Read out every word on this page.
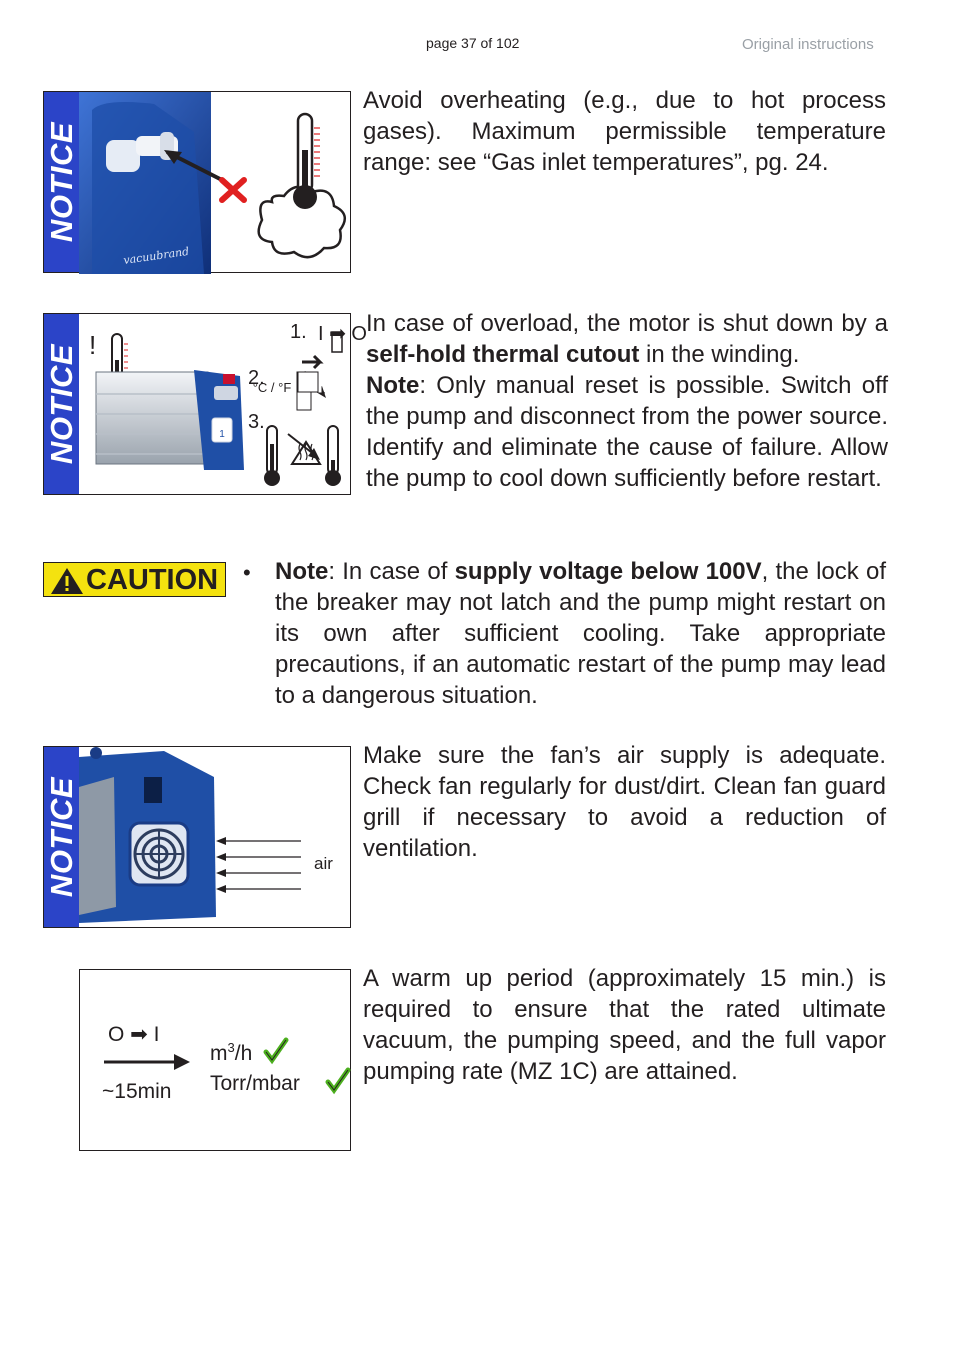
page 37 of 102	Original instructions
NOTICE
vacuubrand

Avoid overheating (e.g., due to hot process gases). Maximum permissible temperature range: see “Gas inlet temperatures”, pg. 24.

NOTICE	1
°C / °F
1. I ➡ O
2.
3.
!

In case of overload, the motor is shut down by a self-hold thermal cutout in the winding.
Note: Only manual reset is possible. Switch off the pump and disconnect from the power source. Identify and eliminate the cause of failure. Allow the pump to cool down sufficiently before restart.

CAUTION • Note: In case of supply voltage below 100V, the lock of the breaker may not latch and the pump might restart on its own after sufficient cooling. Take appropriate precautions, if an automatic restart of the pump may lead to a dangerous situation.

NOTICE	air

Make sure the fan’s air supply is adequate. Check fan regularly for dust/dirt. Clean fan guard grill if necessary to avoid a reduction of ventilation.

O ➡ I
~15min
$m^3/h$
Torr/mbar

A warm up period (approximately 15 min.) is required to ensure that the rated ultimate vacuum, the pumping speed, and the full vapor pumping rate (MZ 1C) are attained.
